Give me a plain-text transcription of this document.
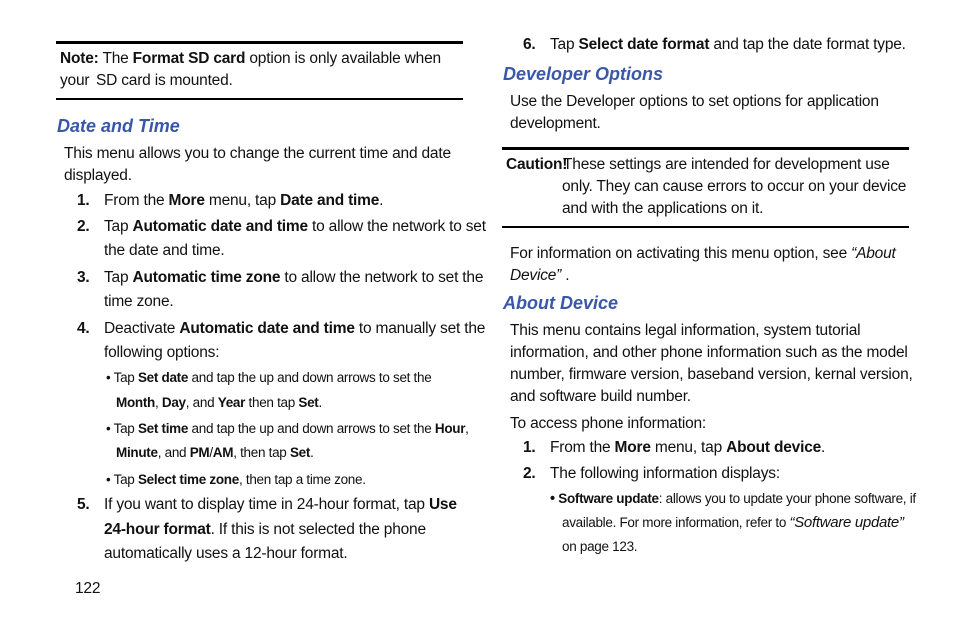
Note: The Format SD card option is only available when your SD card is mounted.
Date and Time
This menu allows you to change the current time and date
displayed.
1. From the More menu, tap Date and time.
2. Tap Automatic date and time to allow the network to set
the date and time.
3. Tap Automatic time zone to allow the network to set the
time zone.
4. Deactivate Automatic date and time to manually set the
following options:
• Tap Set date and tap the up and down arrows to set the
Month, Day, and Year then tap Set.
• Tap Set time and tap the up and down arrows to set the Hour,
Minute, and PM/AM, then tap Set.
• Tap Select time zone, then tap a time zone.
5. If you want to display time in 24-hour format, tap Use
24-hour format. If this is not selected the phone
automatically uses a 12-hour format.
122
6. Tap Select date format and tap the date format type.
Developer Options
Use the Developer options to set options for application
development.
Caution!
These settings are intended for development use
only. They can cause errors to occur on your device
and with the applications on it.
For information on activating this menu option, see “About
Device” .
About Device
This menu contains legal information, system tutorial
information, and other phone information such as the model
number, firmware version, baseband version, kernal version,
and software build number.
To access phone information:
1. From the More menu, tap About device.
2. The following information displays:
• Software update: allows you to update your phone software, if
available. For more information, refer to “Software update”
on page 123.
